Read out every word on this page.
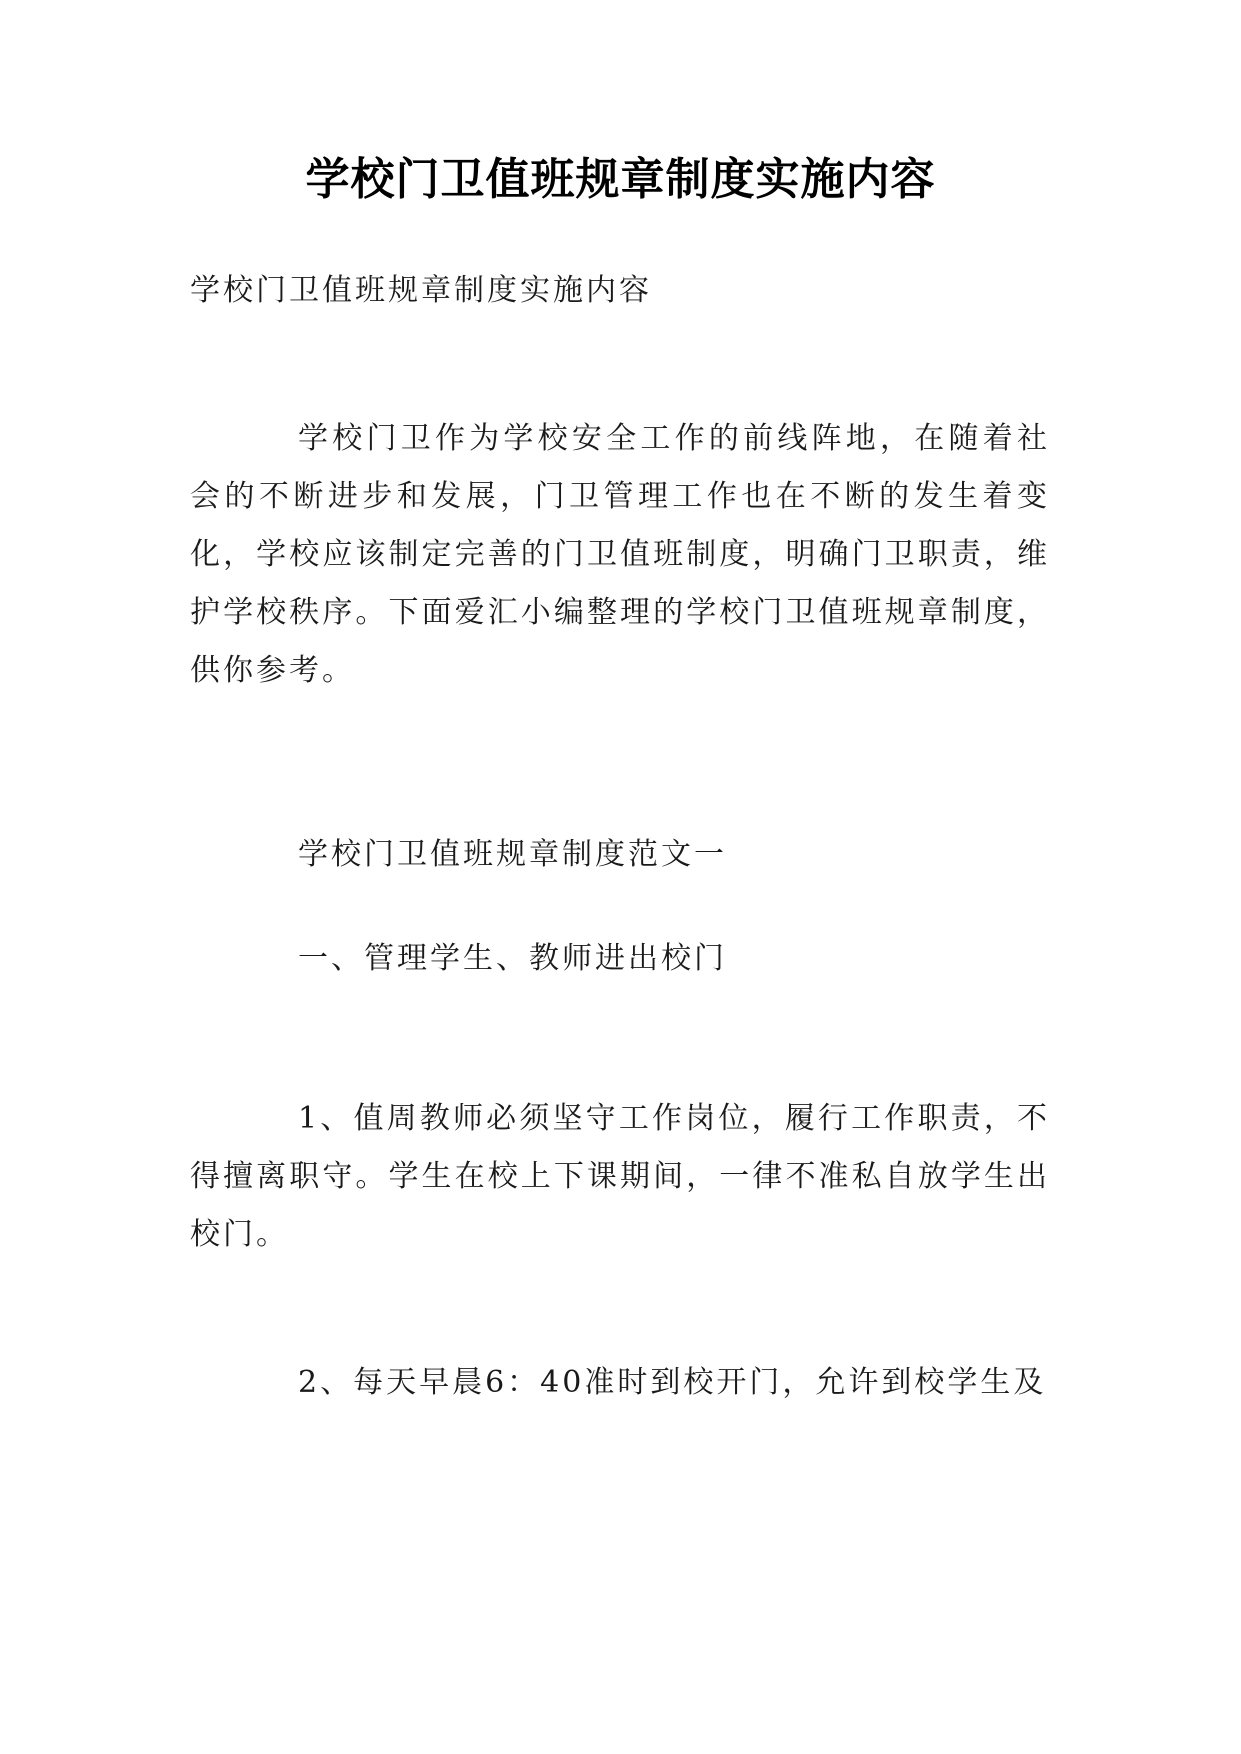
学校门卫值班规章制度实施内容

学校门卫值班规章制度实施内容

学校门卫作为学校安全工作的前线阵地，在随着社会的不断进步和发展，门卫管理工作也在不断的发生着变化，学校应该制定完善的门卫值班制度，明确门卫职责，维护学校秩序。下面爱汇小编整理的学校门卫值班规章制度，供你参考。

学校门卫值班规章制度范文一

一、管理学生、教师进出校门

1、值周教师必须坚守工作岗位，履行工作职责，不得擅离职守。学生在校上下课期间，一律不准私自放学生出校门。

2、每天早晨6：40准时到校开门，允许到校学生及
